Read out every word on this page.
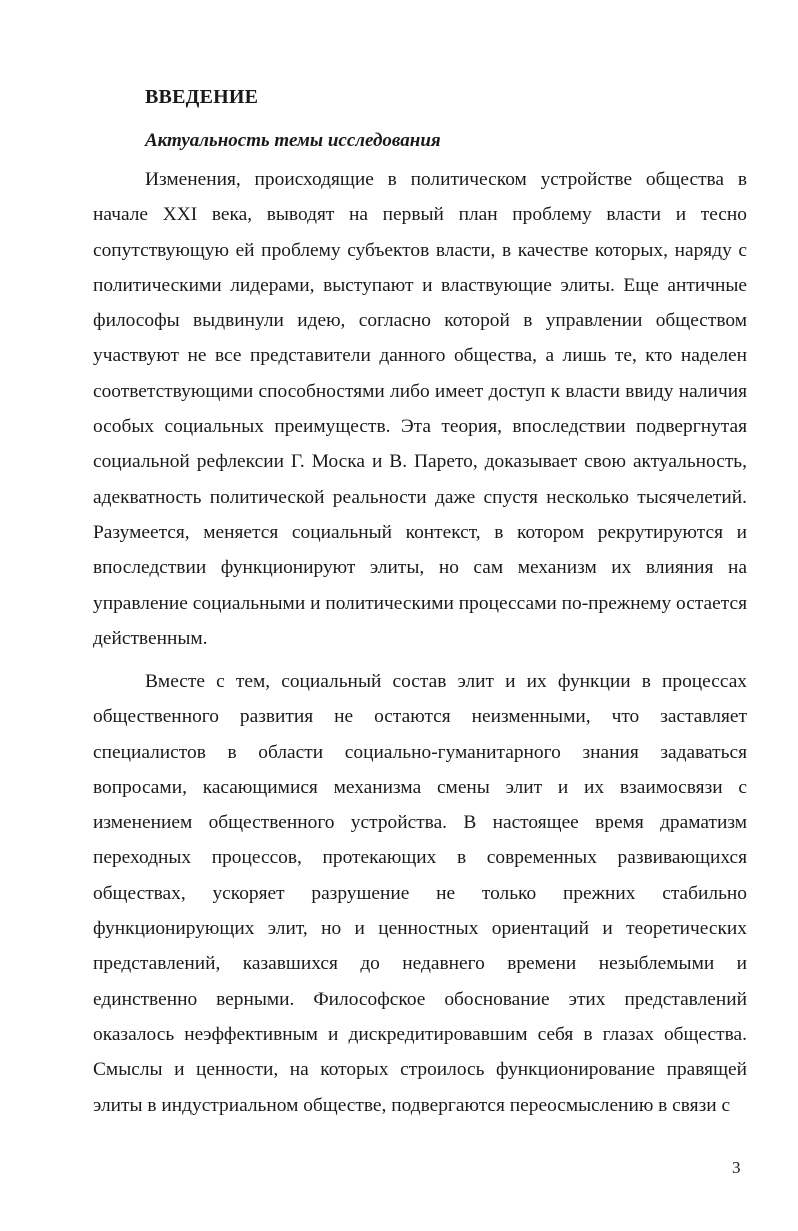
ВВЕДЕНИЕ
Актуальность темы исследования

Изменения, происходящие в политическом устройстве общества в начале XXI века, выводят на первый план проблему власти и тесно сопутствующую ей проблему субъектов власти, в качестве которых, наряду с политическими лидерами, выступают и властвующие элиты. Еще античные философы выдвинули идею, согласно которой в управлении обществом участвуют не все представители данного общества, а лишь те, кто наделен соответствующими способностями либо имеет доступ к власти ввиду наличия особых социальных преимуществ. Эта теория, впоследствии подвергнутая социальной рефлексии Г. Моска и В. Парето, доказывает свою актуальность, адекватность политической реальности даже спустя несколько тысячелетий. Разумеется, меняется социальный контекст, в котором рекрутируются и впоследствии функционируют элиты, но сам механизм их влияния на управление социальными и политическими процессами по-прежнему остается действенным.

Вместе с тем, социальный состав элит и их функции в процессах общественного развития не остаются неизменными, что заставляет специалистов в области социально-гуманитарного знания задаваться вопросами, касающимися механизма смены элит и их взаимосвязи с изменением общественного устройства. В настоящее время драматизм переходных процессов, протекающих в современных развивающихся обществах, ускоряет разрушение не только прежних стабильно функционирующих элит, но и ценностных ориентаций и теоретических представлений, казавшихся до недавнего времени незыблемыми и единственно верными. Философское обоснование этих представлений оказалось неэффективным и дискредитировавшим себя в глазах общества. Смыслы и ценности, на которых строилось функционирование правящей элиты в индустриальном обществе, подвергаются переосмыслению в связи с

3
